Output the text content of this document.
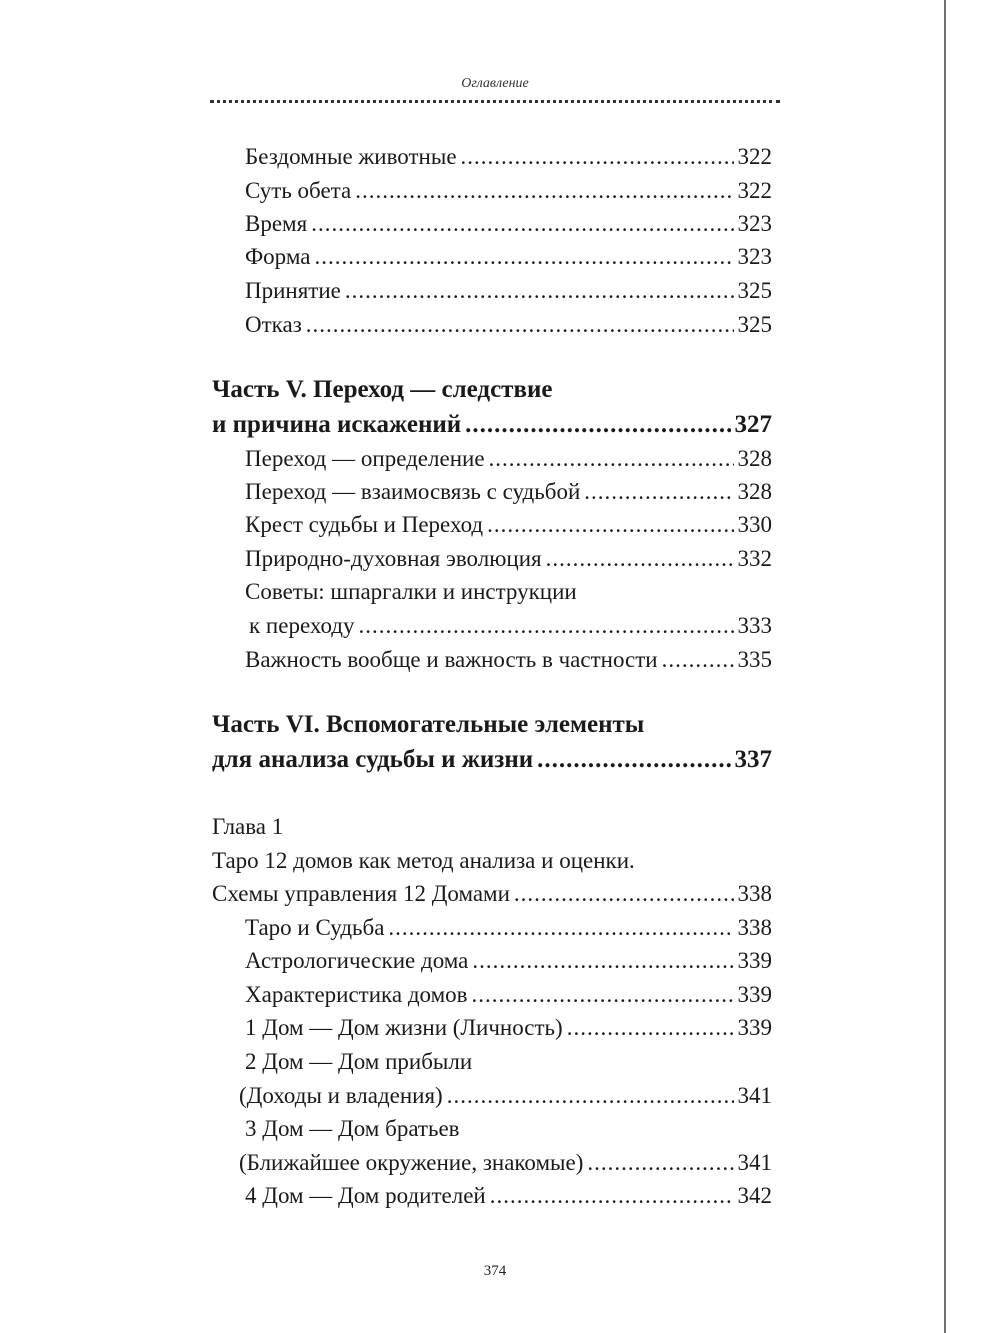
Оглавление
Бездомные животные .....	322
Суть обета .....	322
Время .....	323
Форма .....	323
Принятие .....	325
Отказ .....	325
Часть V. Переход — следствие
и причина искажений .....	327
Переход — определение .....	328
Переход — взаимосвязь с судьбой .....	328
Крест судьбы и Переход .....	330
Природно-духовная эволюция .....	332
Советы: шпаргалки и инструкции
к переходу .....	333
Важность вообще и важность в частности .....	335
Часть VI. Вспомогательные элементы
для анализа судьбы и жизни .....	337
Глава 1
Таро 12 домов как метод анализа и оценки.
Схемы управления 12 Домами .....	338
Таро и Судьба .....	338
Астрологические дома .....	339
Характеристика домов .....	339
1 Дом — Дом жизни (Личность) .....	339
2 Дом — Дом прибыли
(Доходы и владения) .....	341
3 Дом — Дом братьев
(Ближайшее окружение, знакомые) .....	341
4 Дом — Дом родителей .....	342
374
